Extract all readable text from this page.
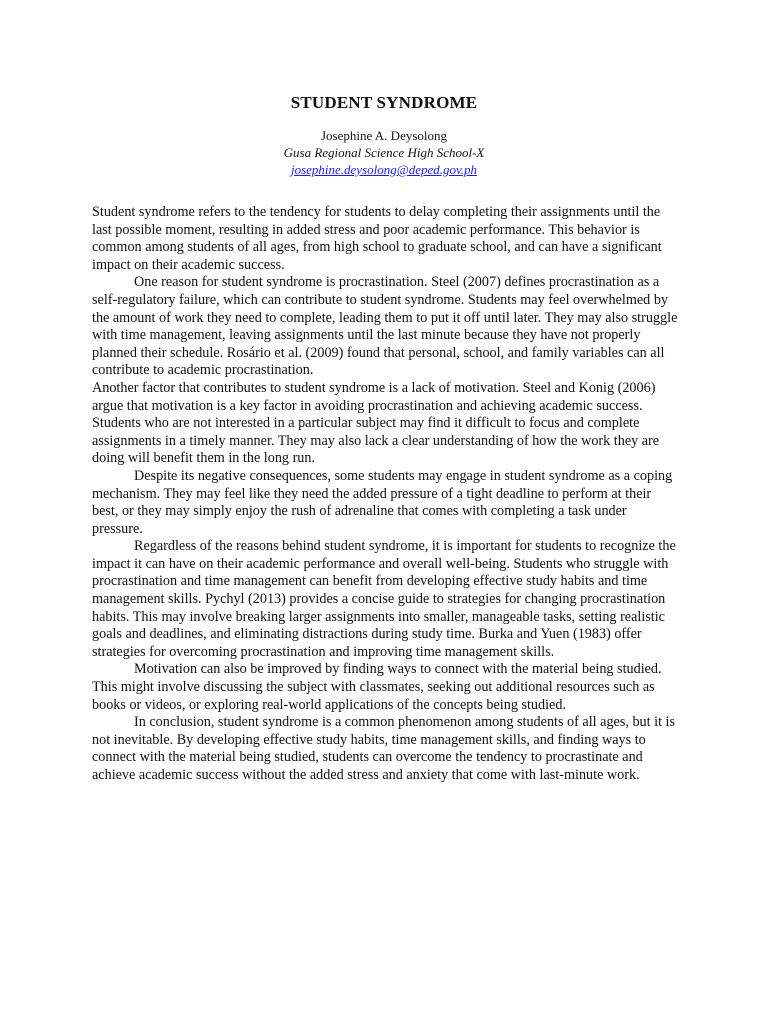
STUDENT SYNDROME
Josephine A. Deysolong
Gusa Regional Science High School-X
josephine.deysolong@deped.gov.ph

Student syndrome refers to the tendency for students to delay completing their assignments until the last possible moment, resulting in added stress and poor academic performance. This behavior is common among students of all ages, from high school to graduate school, and can have a significant impact on their academic success.

One reason for student syndrome is procrastination. Steel (2007) defines procrastination as a self-regulatory failure, which can contribute to student syndrome. Students may feel overwhelmed by the amount of work they need to complete, leading them to put it off until later. They may also struggle with time management, leaving assignments until the last minute because they have not properly planned their schedule. Rosário et al. (2009) found that personal, school, and family variables can all contribute to academic procrastination.

Another factor that contributes to student syndrome is a lack of motivation. Steel and Konig (2006) argue that motivation is a key factor in avoiding procrastination and achieving academic success. Students who are not interested in a particular subject may find it difficult to focus and complete assignments in a timely manner. They may also lack a clear understanding of how the work they are doing will benefit them in the long run.

Despite its negative consequences, some students may engage in student syndrome as a coping mechanism. They may feel like they need the added pressure of a tight deadline to perform at their best, or they may simply enjoy the rush of adrenaline that comes with completing a task under pressure.

Regardless of the reasons behind student syndrome, it is important for students to recognize the impact it can have on their academic performance and overall well-being. Students who struggle with procrastination and time management can benefit from developing effective study habits and time management skills. Pychyl (2013) provides a concise guide to strategies for changing procrastination habits. This may involve breaking larger assignments into smaller, manageable tasks, setting realistic goals and deadlines, and eliminating distractions during study time. Burka and Yuen (1983) offer strategies for overcoming procrastination and improving time management skills.

Motivation can also be improved by finding ways to connect with the material being studied. This might involve discussing the subject with classmates, seeking out additional resources such as books or videos, or exploring real-world applications of the concepts being studied.

In conclusion, student syndrome is a common phenomenon among students of all ages, but it is not inevitable. By developing effective study habits, time management skills, and finding ways to connect with the material being studied, students can overcome the tendency to procrastinate and achieve academic success without the added stress and anxiety that come with last-minute work.
